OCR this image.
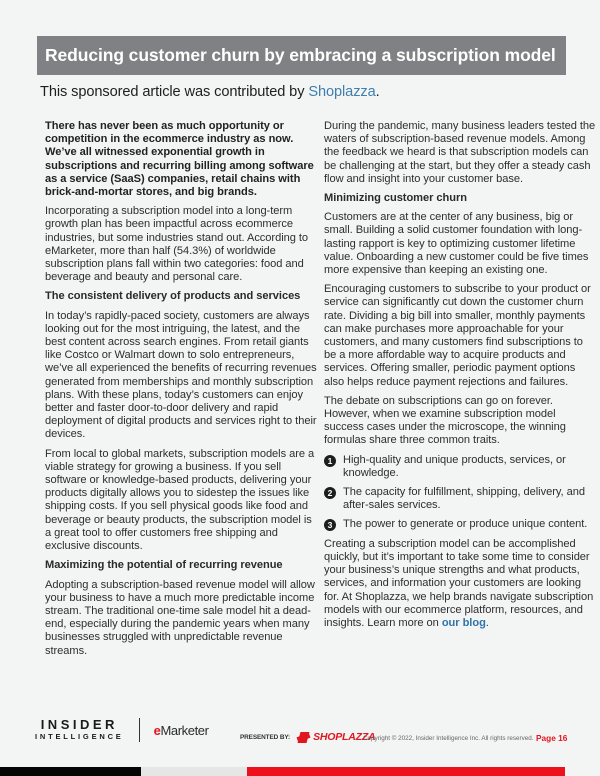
Reducing customer churn by embracing a subscription model
This sponsored article was contributed by Shoplazza.

There has never been as much opportunity or competition in the ecommerce industry as now. We’ve all witnessed exponential growth in subscriptions and recurring billing among software as a service (SaaS) companies, retail chains with brick-and-mortar stores, and big brands.

Incorporating a subscription model into a long-term growth plan has been impactful across ecommerce industries, but some industries stand out. According to eMarketer, more than half (54.3%) of worldwide subscription plans fall within two categories: food and beverage and beauty and personal care.

The consistent delivery of products and services

In today’s rapidly-paced society, customers are always looking out for the most intriguing, the latest, and the best content across search engines. From retail giants like Costco or Walmart down to solo entrepreneurs, we’ve all experienced the benefits of recurring revenues generated from memberships and monthly subscription plans. With these plans, today’s customers can enjoy better and faster door-to-door delivery and rapid deployment of digital products and services right to their devices.

From local to global markets, subscription models are a viable strategy for growing a business. If you sell software or knowledge-based products, delivering your products digitally allows you to sidestep the issues like shipping costs. If you sell physical goods like food and beverage or beauty products, the subscription model is a great tool to offer customers free shipping and exclusive discounts.

Maximizing the potential of recurring revenue

Adopting a subscription-based revenue model will allow your business to have a much more predictable income stream. The traditional one-time sale model hit a dead-end, especially during the pandemic years when many businesses struggled with unpredictable revenue streams.

During the pandemic, many business leaders tested the waters of subscription-based revenue models. Among the feedback we heard is that subscription models can be challenging at the start, but they offer a steady cash flow and insight into your customer base.

Minimizing customer churn

Customers are at the center of any business, big or small. Building a solid customer foundation with long-lasting rapport is key to optimizing customer lifetime value. Onboarding a new customer could be five times more expensive than keeping an existing one.

Encouraging customers to subscribe to your product or service can significantly cut down the customer churn rate. Dividing a big bill into smaller, monthly payments can make purchases more approachable for your customers, and many customers find subscriptions to be a more affordable way to acquire products and services. Offering smaller, periodic payment options also helps reduce payment rejections and failures.

The debate on subscriptions can go on forever. However, when we examine subscription model success cases under the microscope, the winning formulas share three common traits.

1 High-quality and unique products, services, or knowledge.
2 The capacity for fulfillment, shipping, delivery, and after-sales services.
3 The power to generate or produce unique content.

Creating a subscription model can be accomplished quickly, but it’s important to take some time to consider your business’s unique strengths and what products, services, and information your customers are looking for. At Shoplazza, we help brands navigate subscription models with our ecommerce platform, resources, and insights. Learn more on our blog.

INSIDER
INTELLIGENCE eMarketer	PRESENTED BY: SHOPLAZZA
Copyright © 2022, Insider Intelligence Inc. All rights reserved. Page 16
